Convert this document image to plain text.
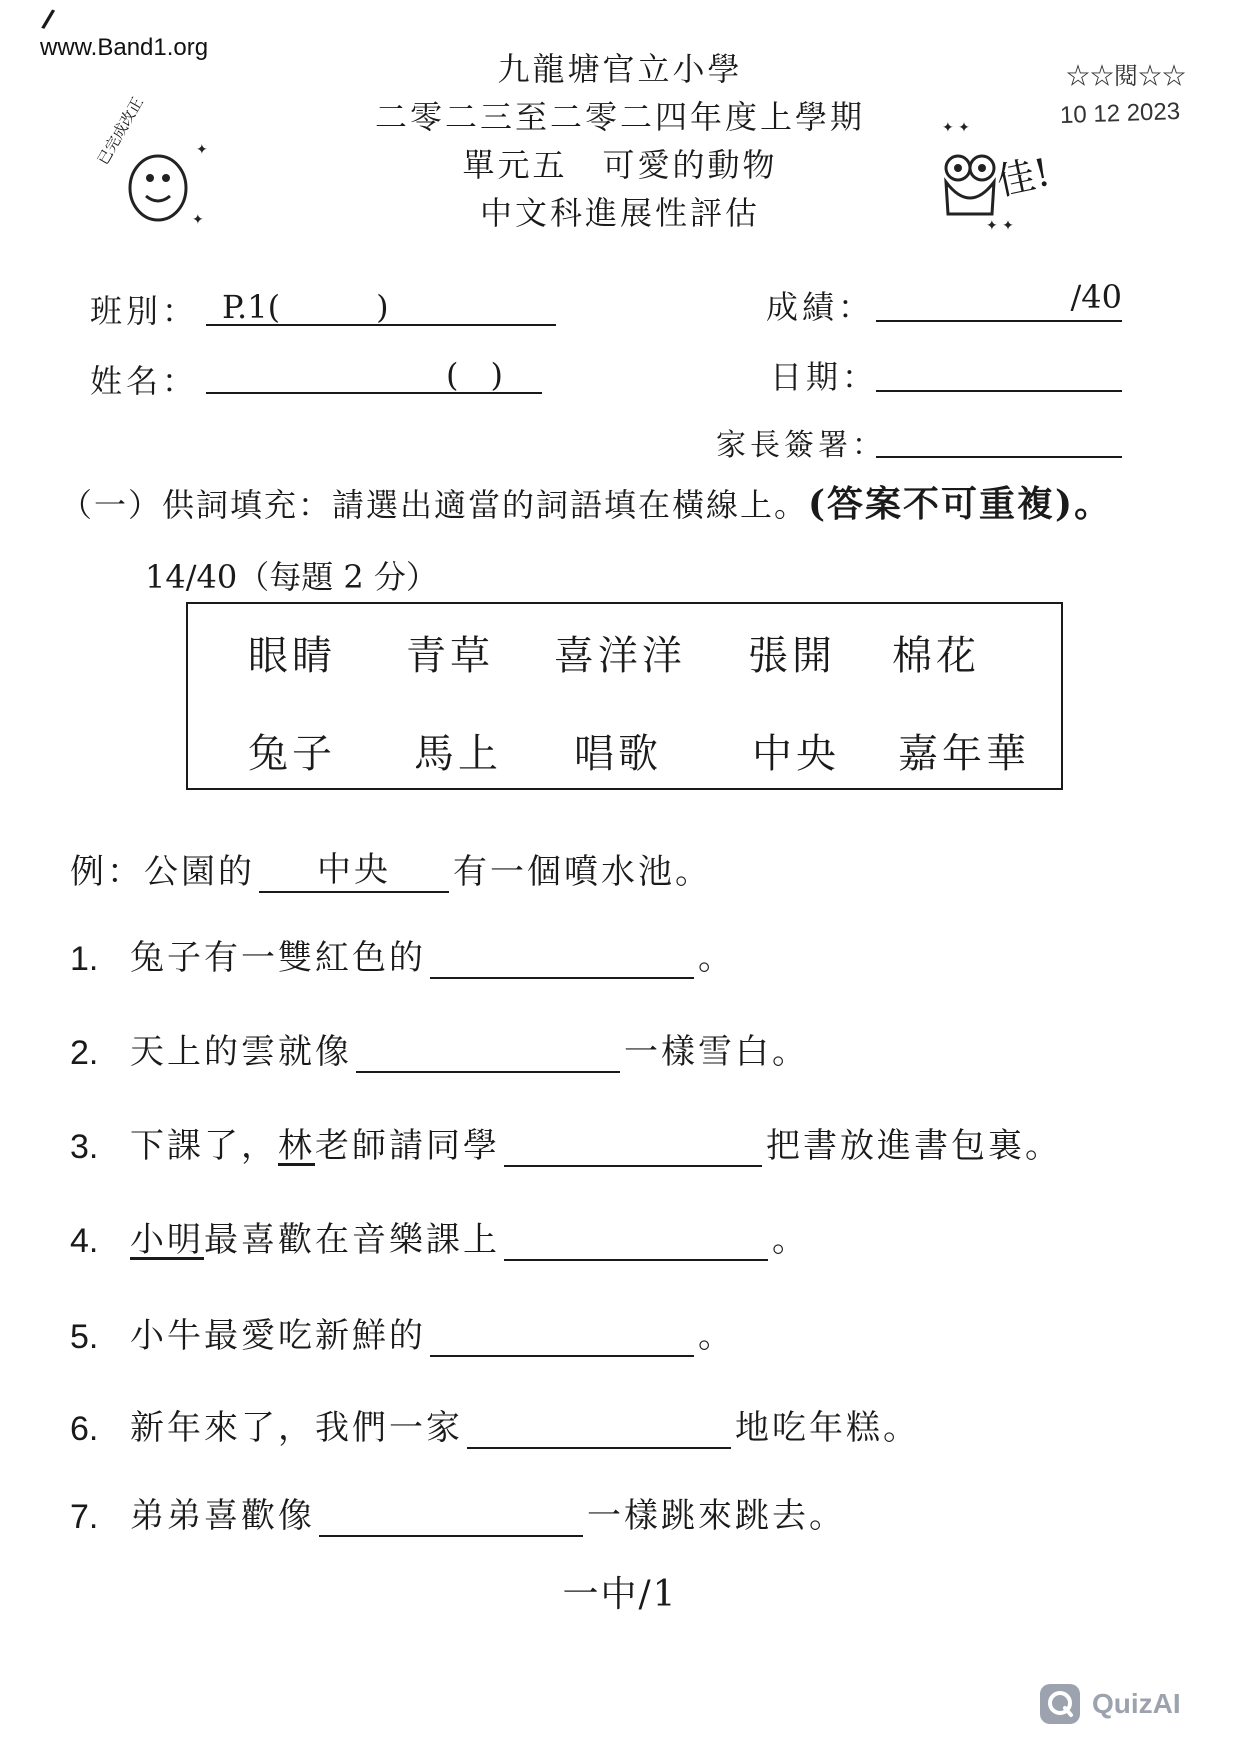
/
www.Band1.org
九龍塘官立小學
二零二三至二零二四年度上學期
單元五　可愛的動物
中文科進展性評估
✦
✦
已完成改正	✦ ✦
✦ ✦
佳!
☆☆閱☆☆
10 12 2023
班別： P.1(　　　)	成績：	/40
姓名：	(　)	日期：
家長簽署：
（一）供詞填充：請選出適當的詞語填在橫線上。(答案不可重複)。
14/40（每題 2 分）
眼睛 青草 喜洋洋 張開 棉花
兔子 馬上 唱歌 中央 嘉年華
例： 公園的	中央	有一個噴水池。
1. 兔子有一雙紅色的	。
2. 天上的雲就像	一樣雪白。
3. 下課了， 林 老師請同學	把書放進書包裏。
4. 小明 最喜歡在音樂課上	。
5. 小牛最愛吃新鮮的	。
6. 新年來了，我們一家	地吃年糕。
7. 弟弟喜歡像	一樣跳來跳去。
一中/1
QuizAI
